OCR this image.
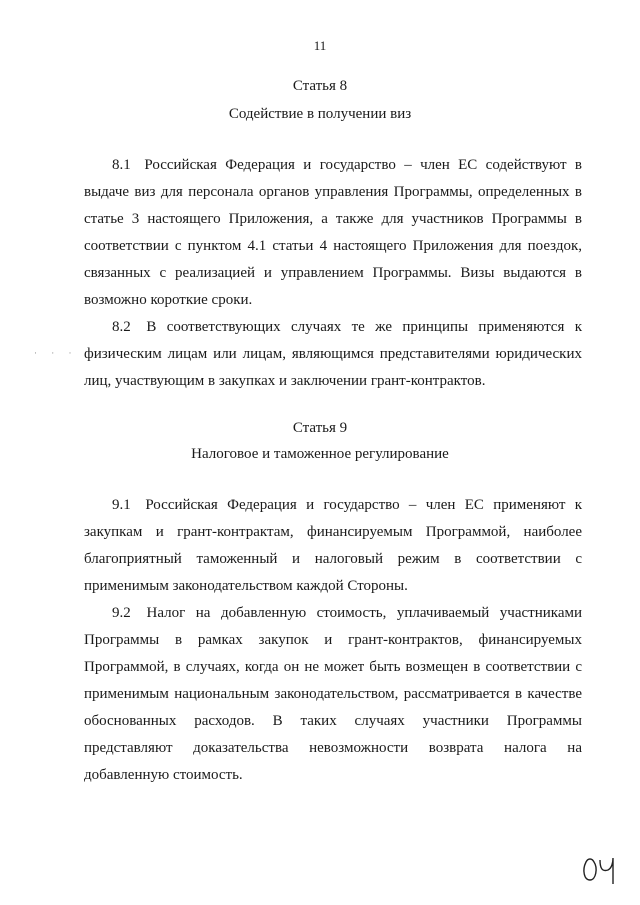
11
Статья 8
Содействие в получении виз
8.1 Российская Федерация и государство – член ЕС содействуют в выдаче виз для персонала органов управления Программы, определенных в статье 3 настоящего Приложения, а также для участников Программы в соответствии с пунктом 4.1 статьи 4 настоящего Приложения для поездок, связанных с реализацией и управлением Программы. Визы выдаются в возможно короткие сроки.
· · ·
8.2 В соответствующих случаях те же принципы применяются к физическим лицам или лицам, являющимся представителями юридических лиц, участвующим в закупках и заключении грант-контрактов.
Статья 9
Налоговое и таможенное регулирование
9.1 Российская Федерация и государство – член ЕС применяют к закупкам и грант-контрактам, финансируемым Программой, наиболее благоприятный таможенный и налоговый режим в соответствии с применимым законодательством каждой Стороны.
9.2 Налог на добавленную стоимость, уплачиваемый участниками Программы в рамках закупок и грант-контрактов, финансируемых Программой, в случаях, когда он не может быть возмещен в соответствии с применимым национальным законодательством, рассматривается в качестве обоснованных расходов. В таких случаях участники Программы представляют доказательства невозможности возврата налога на добавленную стоимость.
